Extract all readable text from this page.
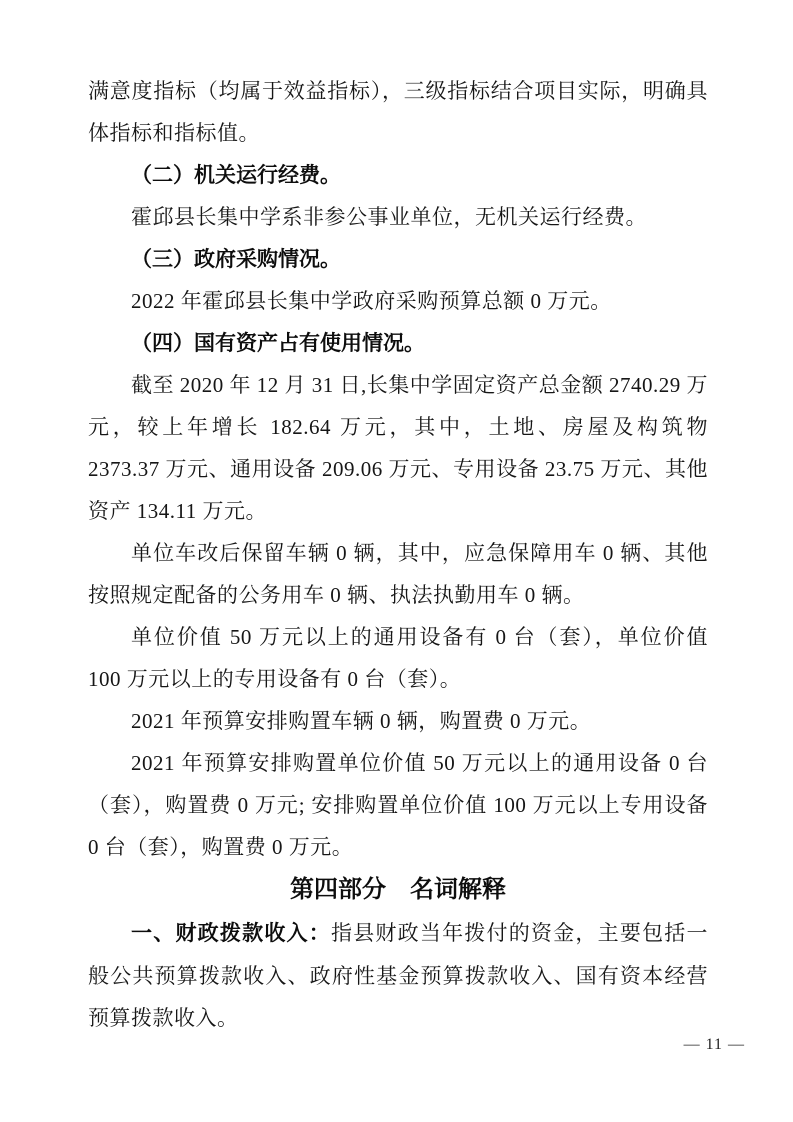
满意度指标（均属于效益指标），三级指标结合项目实际，明确具体指标和指标值。

（二）机关运行经费。

霍邱县长集中学系非参公事业单位，无机关运行经费。

（三）政府采购情况。

2022 年霍邱县长集中学政府采购预算总额 0 万元。

（四）国有资产占有使用情况。

截至 2020 年 12 月 31 日,长集中学固定资产总金额 2740.29 万元，较上年增长 182.64 万元，其中，土地、房屋及构筑物 2373.37 万元、通用设备 209.06 万元、专用设备 23.75 万元、其他资产 134.11 万元。

单位车改后保留车辆 0 辆，其中，应急保障用车 0 辆、其他按照规定配备的公务用车 0 辆、执法执勤用车 0 辆。

单位价值 50 万元以上的通用设备有 0 台（套），单位价值 100 万元以上的专用设备有 0 台（套）。

2021 年预算安排购置车辆 0 辆，购置费 0 万元。

2021 年预算安排购置单位价值 50 万元以上的通用设备 0 台（套），购置费 0 万元; 安排购置单位价值 100 万元以上专用设备 0 台（套），购置费 0 万元。

第四部分　名词解释

一、财政拨款收入：指县财政当年拨付的资金，主要包括一般公共预算拨款收入、政府性基金预算拨款收入、国有资本经营预算拨款收入。

— 11 —
